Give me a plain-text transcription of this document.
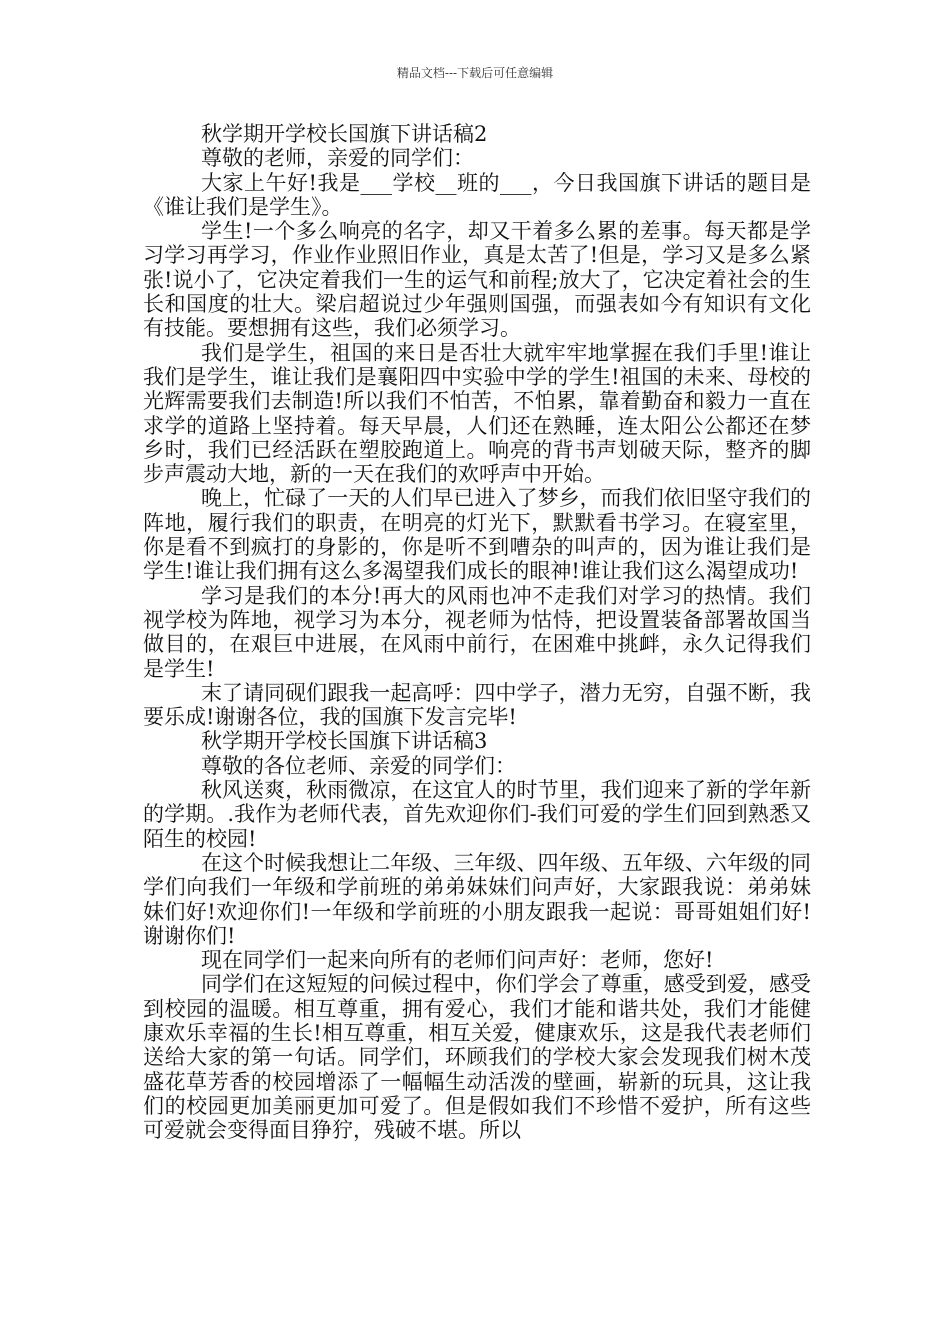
精品文档---下载后可任意编辑

秋学期开学校长国旗下讲话稿2

尊敬的老师，亲爱的同学们：

大家上午好!我是___学校__班的___，今日我国旗下讲话的题目是《谁让我们是学生》。

学生!一个多么响亮的名字，却又干着多么累的差事。每天都是学习学习再学习，作业作业照旧作业，真是太苦了!但是，学习又是多么紧张!说小了，它决定着我们一生的运气和前程;放大了，它决定着社会的生长和国度的壮大。梁启超说过少年强则国强，而强表如今有知识有文化有技能。要想拥有这些，我们必须学习。

我们是学生，祖国的来日是否壮大就牢牢地掌握在我们手里!谁让我们是学生，谁让我们是襄阳四中实验中学的学生!祖国的未来、母校的光辉需要我们去制造!所以我们不怕苦，不怕累，靠着勤奋和毅力一直在求学的道路上坚持着。每天早晨，人们还在熟睡，连太阳公公都还在梦乡时，我们已经活跃在塑胶跑道上。响亮的背书声划破天际，整齐的脚步声震动大地，新的一天在我们的欢呼声中开始。

晚上，忙碌了一天的人们早已进入了梦乡，而我们依旧坚守我们的阵地，履行我们的职责，在明亮的灯光下，默默看书学习。在寝室里，你是看不到疯打的身影的，你是听不到嘈杂的叫声的，因为谁让我们是学生!谁让我们拥有这么多渴望我们成长的眼神!谁让我们这么渴望成功!

学习是我们的本分!再大的风雨也冲不走我们对学习的热情。我们视学校为阵地，视学习为本分，视老师为怙恃，把设置装备部署故国当做目的，在艰巨中进展，在风雨中前行，在困难中挑衅，永久记得我们是学生!

末了请同砚们跟我一起高呼：四中学子，潜力无穷，自强不断，我要乐成!谢谢各位，我的国旗下发言完毕!

秋学期开学校长国旗下讲话稿3

尊敬的各位老师、亲爱的同学们：

秋风送爽，秋雨微凉，在这宜人的时节里，我们迎来了新的学年新的学期。.我作为老师代表，首先欢迎你们-我们可爱的学生们回到熟悉又陌生的校园!

在这个时候我想让二年级、三年级、四年级、五年级、六年级的同学们向我们一年级和学前班的弟弟妹妹们问声好，大家跟我说：弟弟妹妹们好!欢迎你们!一年级和学前班的小朋友跟我一起说：哥哥姐姐们好!谢谢你们!

现在同学们一起来向所有的老师们问声好：老师，您好!

同学们在这短短的问候过程中，你们学会了尊重，感受到爱，感受到校园的温暖。相互尊重，拥有爱心，我们才能和谐共处，我们才能健康欢乐幸福的生长!相互尊重，相互关爱，健康欢乐，这是我代表老师们送给大家的第一句话。同学们，环顾我们的学校大家会发现我们树木茂盛花草芳香的校园增添了一幅幅生动活泼的壁画，崭新的玩具，这让我们的校园更加美丽更加可爱了。但是假如我们不珍惜不爱护，所有这些可爱就会变得面目狰狞，残破不堪。所以
